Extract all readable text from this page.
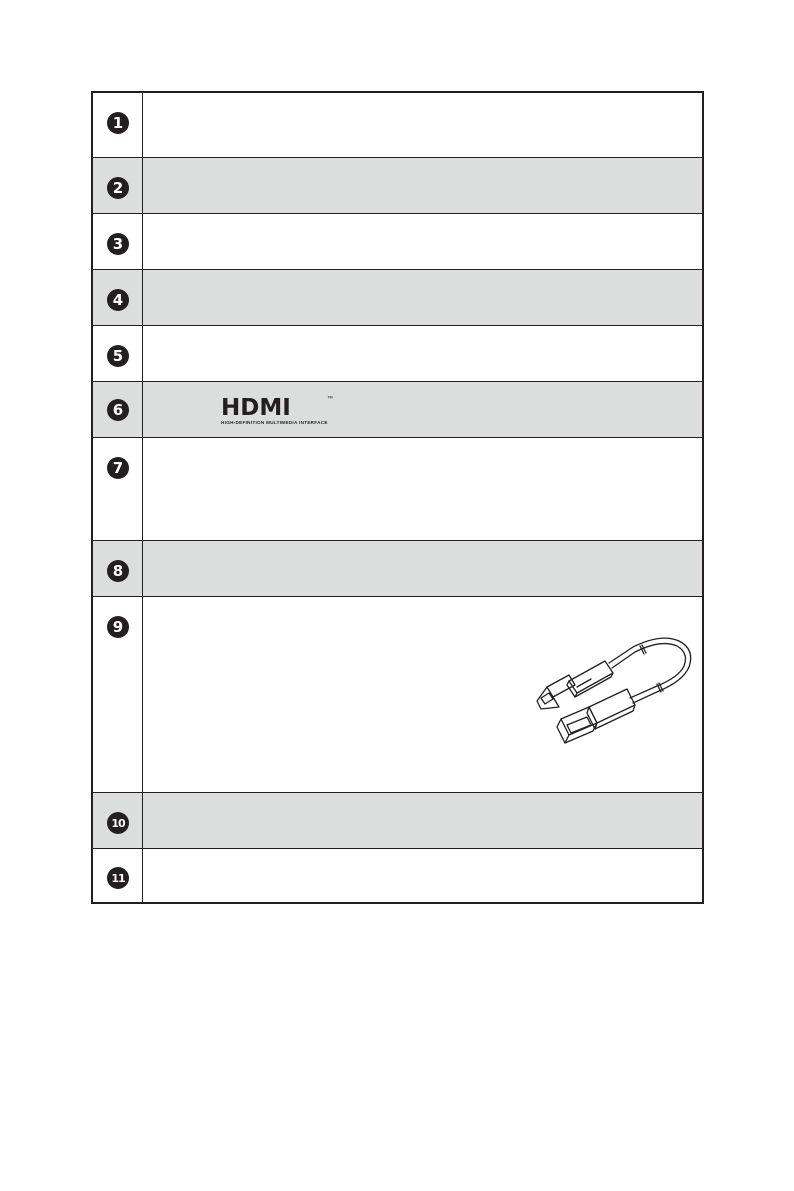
1
2
3
4
5
6	HDMI	™
HIGH-DEFINITION MULTIMEDIA INTERFACE
7
8
9
10
11
